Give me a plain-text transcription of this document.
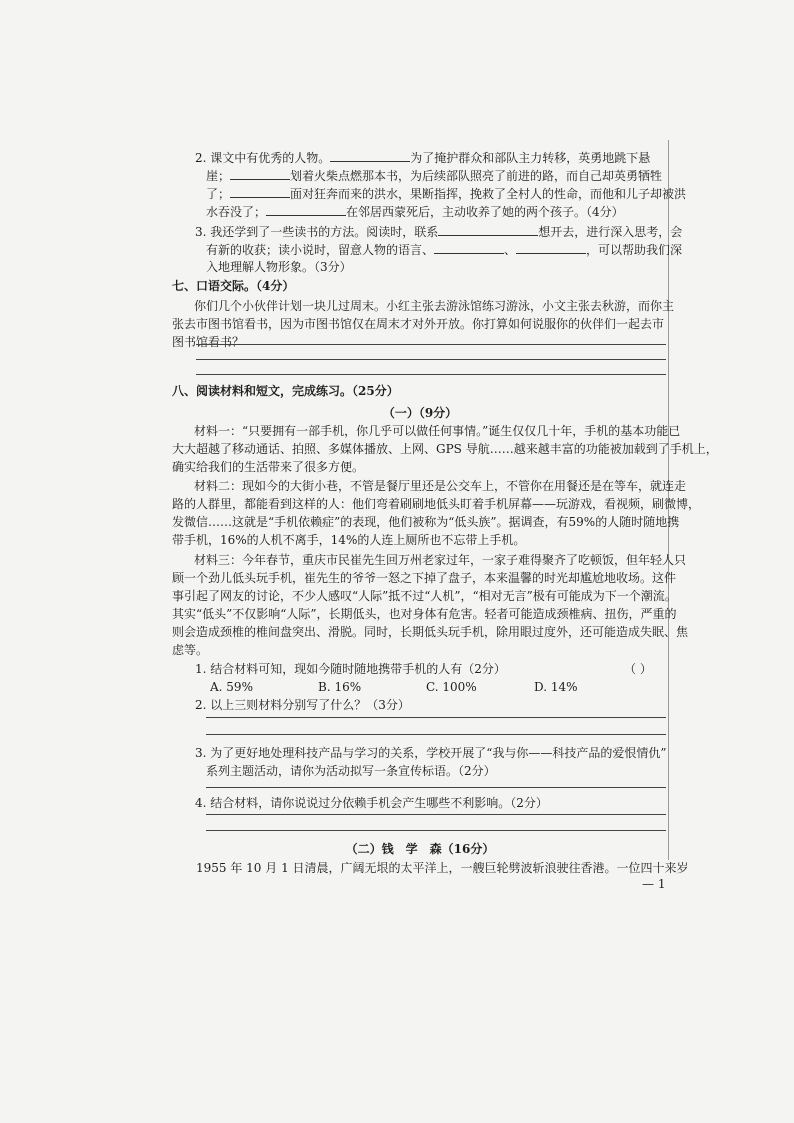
2. 课文中有优秀的人物。	为了掩护群众和部队主力转移，英勇地跳下悬
崖；	划着火柴点燃那本书，为后续部队照亮了前进的路，而自己却英勇牺牲
了；	面对狂奔而来的洪水，果断指挥，挽救了全村人的性命，而他和儿子却被洪
水吞没了；	在邻居西蒙死后，主动收养了她的两个孩子。（4分）
3. 我还学到了一些读书的方法。阅读时，联系	想开去，进行深入思考，会
有新的收获；读小说时，留意人物的语言、	、	，可以帮助我们深
入地理解人物形象。（3分）
七、口语交际。（4分）
你们几个小伙伴计划一块儿过周末。小红主张去游泳馆练习游泳，小文主张去秋游，而你主
张去市图书馆看书，因为市图书馆仅在周末才对外开放。你打算如何说服你的伙伴们一起去市
图书馆看书？
八、阅读材料和短文，完成练习。（25分）
（一）（9分）
材料一：“只要拥有一部手机，你几乎可以做任何事情。”诞生仅仅几十年，手机的基本功能已
大大超越了移动通话、拍照、多媒体播放、上网、GPS 导航……越来越丰富的功能被加载到了手机上，
确实给我们的生活带来了很多方便。
材料二：现如今的大街小巷，不管是餐厅里还是公交车上，不管你在用餐还是在等车，就连走
路的人群里，都能看到这样的人：他们弯着刷刷地低头盯着手机屏幕——玩游戏，看视频，刷微博，
发微信……这就是“手机依赖症”的表现，他们被称为“低头族”。据调查，有59%的人随时随地携
带手机，16%的人机不离手，14%的人连上厕所也不忘带上手机。
材料三：今年春节，重庆市民崔先生回万州老家过年，一家子难得聚齐了吃顿饭，但年轻人只
顾一个劲儿低头玩手机，崔先生的爷爷一怒之下掉了盘子，本来温馨的时光却尴尬地收场。这件
事引起了网友的讨论，不少人感叹“人际”抵不过“人机”，“相对无言”极有可能成为下一个潮流。
其实“低头”不仅影响“人际”，长期低头，也对身体有危害。轻者可能造成颈椎病、扭伤，严重的
则会造成颈椎的椎间盘突出、滑脱。同时，长期低头玩手机，除用眼过度外，还可能造成失眠、焦
虑等。
1. 结合材料可知，现如今随时随地携带手机的人有（2分）	（ ）
A. 59%	B. 16%	C. 100%	D. 14%
2. 以上三则材料分别写了什么？（3分）
3. 为了更好地处理科技产品与学习的关系，学校开展了“我与你——科技产品的爱恨情仇”
系列主题活动，请你为活动拟写一条宣传标语。（2分）
4. 结合材料，请你说说过分依赖手机会产生哪些不利影响。（2分）
（二）钱　学　森（16分）
1955 年 10 月 1 日清晨，广阔无垠的太平洋上，一艘巨轮劈波斩浪驶往香港。一位四十来岁
— 1
